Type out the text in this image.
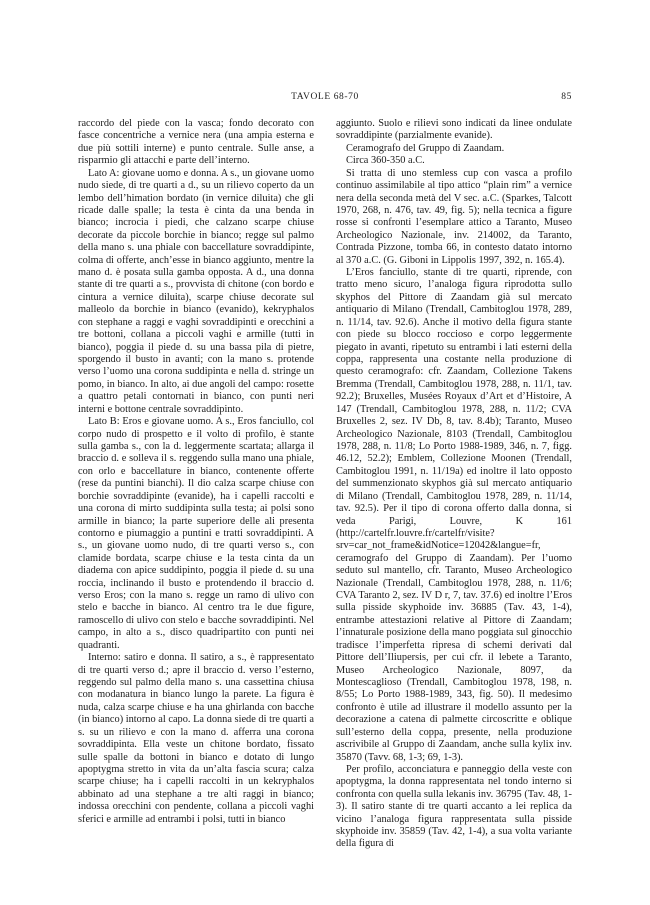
TAVOLE 68-70	85

raccordo del piede con la vasca; fondo decorato con fasce concentriche a vernice nera (una ampia esterna e due più sottili interne) e punto centrale. Sulle anse, a risparmio gli attacchi e parte dell’interno.

Lato A: giovane uomo e donna. A s., un giovane uomo nudo siede, di tre quarti a d., su un rilievo coperto da un lembo dell’himation bordato (in vernice diluita) che gli ricade dalle spalle; la testa è cinta da una benda in bianco; incrocia i piedi, che calzano scarpe chiuse decorate da piccole borchie in bianco; regge sul palmo della mano s. una phiale con baccellature sovraddipinte, colma di offerte, anch’esse in bianco aggiunto, mentre la mano d. è posata sulla gamba opposta. A d., una donna stante di tre quarti a s., provvista di chitone (con bordo e cintura a vernice diluita), scarpe chiuse decorate sul malleolo da borchie in bianco (evanido), kekryphalos con stephane a raggi e vaghi sovraddipinti e orecchini a tre bottoni, collana a piccoli vaghi e armille (tutti in bianco), poggia il piede d. su una bassa pila di pietre, sporgendo il busto in avanti; con la mano s. protende verso l’uomo una corona suddipinta e nella d. stringe un pomo, in bianco. In alto, ai due angoli del campo: rosette a quattro petali contornati in bianco, con punti neri interni e bottone centrale sovraddipinto.

Lato B: Eros e giovane uomo. A s., Eros fanciullo, col corpo nudo di prospetto e il volto di profilo, è stante sulla gamba s., con la d. leggermente scartata; allarga il braccio d. e solleva il s. reggendo sulla mano una phiale, con orlo e baccellature in bianco, contenente offerte (rese da puntini bianchi). Il dio calza scarpe chiuse con borchie sovraddipinte (evanide), ha i capelli raccolti e una corona di mirto suddipinta sulla testa; ai polsi sono armille in bianco; la parte superiore delle ali presenta contorno e piumaggio a puntini e tratti sovraddipinti. A s., un giovane uomo nudo, di tre quarti verso s., con clamide bordata, scarpe chiuse e la testa cinta da un diadema con apice suddipinto, poggia il piede d. su una roccia, inclinando il busto e protendendo il braccio d. verso Eros; con la mano s. regge un ramo di ulivo con stelo e bacche in bianco. Al centro tra le due figure, ramoscello di ulivo con stelo e bacche sovraddipinti. Nel campo, in alto a s., disco quadripartito con punti nei quadranti.

Interno: satiro e donna. Il satiro, a s., è rappresentato di tre quarti verso d.; apre il braccio d. verso l’esterno, reggendo sul palmo della mano s. una cassettina chiusa con modanatura in bianco lungo la parete. La figura è nuda, calza scarpe chiuse e ha una ghirlanda con bacche (in bianco) intorno al capo. La donna siede di tre quarti a s. su un rilievo e con la mano d. afferra una corona sovraddipinta. Ella veste un chitone bordato, fissato sulle spalle da bottoni in bianco e dotato di lungo apoptygma stretto in vita da un’alta fascia scura; calza scarpe chiuse; ha i capelli raccolti in un kekryphalos abbinato ad una stephane a tre alti raggi in bianco; indossa orecchini con pendente, collana a piccoli vaghi sferici e armille ad entrambi i polsi, tutti in bianco

aggiunto. Suolo e rilievi sono indicati da linee ondulate sovraddipinte (parzialmente evanide).

Ceramografo del Gruppo di Zaandam.

Circa 360-350 a.C.

Si tratta di uno stemless cup con vasca a profilo continuo assimilabile al tipo attico “plain rim” a vernice nera della seconda metà del V sec. a.C. (Sparkes, Talcott 1970, 268, n. 476, tav. 49, fig. 5); nella tecnica a figure rosse si confronti l’esemplare attico a Taranto, Museo Archeologico Nazionale, inv. 214002, da Taranto, Contrada Pizzone, tomba 66, in contesto datato intorno al 370 a.C. (G. Giboni in Lippolis 1997, 392, n. 165.4).

L’Eros fanciullo, stante di tre quarti, riprende, con tratto meno sicuro, l’analoga figura riprodotta sullo skyphos del Pittore di Zaandam già sul mercato antiquario di Milano (Trendall, Cambitoglou 1978, 289, n. 11/14, tav. 92.6). Anche il motivo della figura stante con piede su blocco roccioso e corpo leggermente piegato in avanti, ripetuto su entrambi i lati esterni della coppa, rappresenta una costante nella produzione di questo ceramografo: cfr. Zaandam, Collezione Takens Bremma (Trendall, Cambitoglou 1978, 288, n. 11/1, tav. 92.2); Bruxelles, Musées Royaux d’Art et d’Histoire, A 147 (Trendall, Cambitoglou 1978, 288, n. 11/2; CVA Bruxelles 2, sez. IV Db, 8, tav. 8.4b); Taranto, Museo Archeologico Nazionale, 8103 (Trendall, Cambitoglou 1978, 288, n. 11/8; Lo Porto 1988-1989, 346, n. 7, figg. 46.12, 52.2); Emblem, Collezione Moonen (Trendall, Cambitoglou 1991, n. 11/19a) ed inoltre il lato opposto del summenzionato skyphos già sul mercato antiquario di Milano (Trendall, Cambitoglou 1978, 289, n. 11/14, tav. 92.5). Per il tipo di corona offerto dalla donna, si veda Parigi, Louvre, K 161 (http://cartelfr.louvre.fr/cartelfr/visite?srv=car_not_frame&idNotice=12042&langue=fr, ceramografo del Gruppo di Zaandam). Per l’uomo seduto sul mantello, cfr. Taranto, Museo Archeologico Nazionale (Trendall, Cambitoglou 1978, 288, n. 11/6; CVA Taranto 2, sez. IV D r, 7, tav. 37.6) ed inoltre l’Eros sulla pisside skyphoide inv. 36885 (Tav. 43, 1-4), entrambe attestazioni relative al Pittore di Zaandam; l’innaturale posizione della mano poggiata sul ginocchio tradisce l’imperfetta ripresa di schemi derivati dal Pittore dell’Iliupersis, per cui cfr. il lebete a Taranto, Museo Archeologico Nazionale, 8097, da Montescaglioso (Trendall, Cambitoglou 1978, 198, n. 8/55; Lo Porto 1988-1989, 343, fig. 50). Il medesimo confronto è utile ad illustrare il modello assunto per la decorazione a catena di palmette circoscritte e oblique sull’esterno della coppa, presente, nella produzione ascrivibile al Gruppo di Zaandam, anche sulla kylix inv. 35870 (Tavv. 68, 1-3; 69, 1-3).

Per profilo, acconciatura e panneggio della veste con apoptygma, la donna rappresentata nel tondo interno si confronta con quella sulla lekanis inv. 36795 (Tav. 48, 1-3). Il satiro stante di tre quarti accanto a lei replica da vicino l’analoga figura rappresentata sulla pisside skyphoide inv. 35859 (Tav. 42, 1-4), a sua volta variante della figura di
